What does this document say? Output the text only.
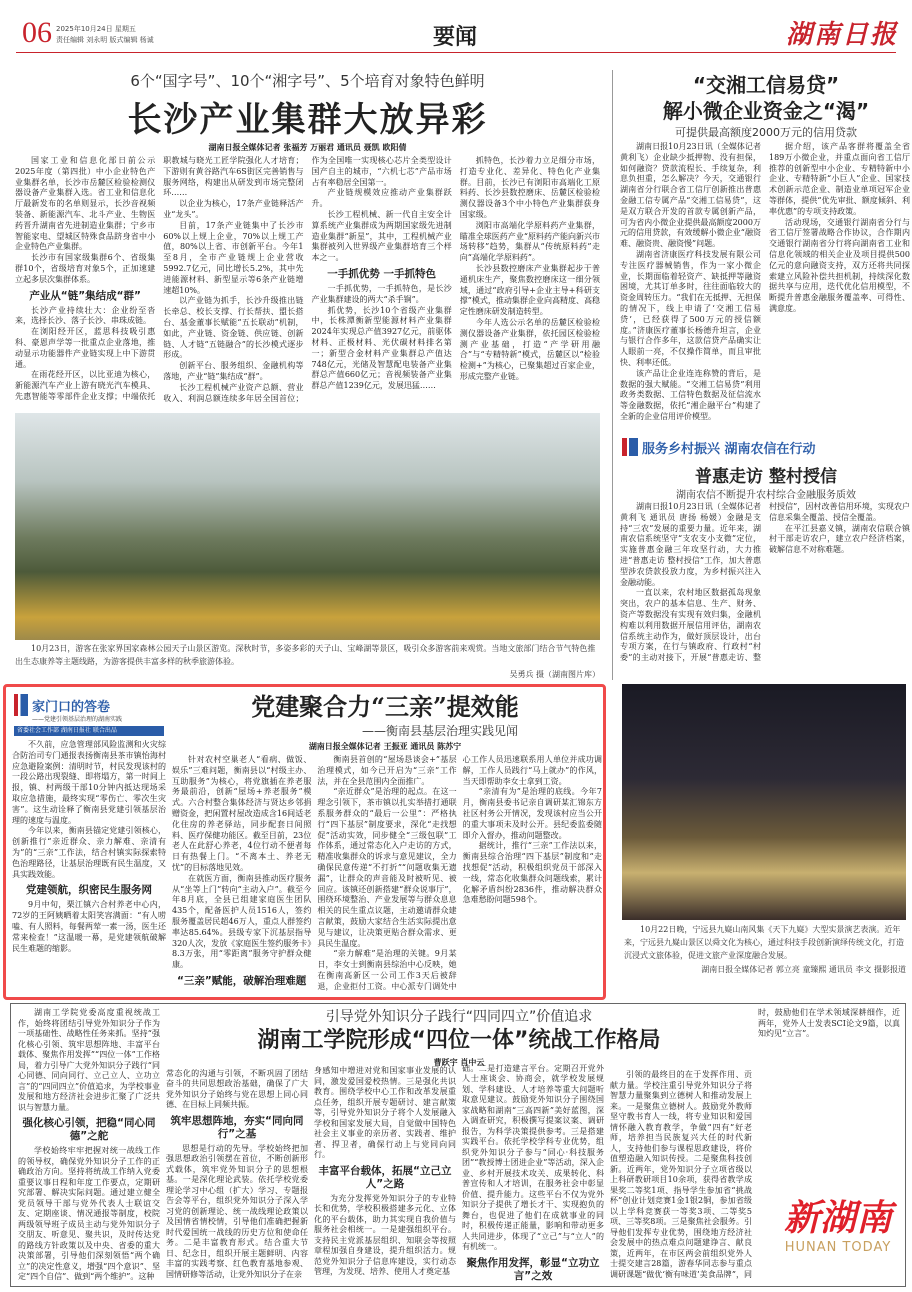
06 2025年10月24日 星期五
责任编辑 刘永明 版式编辑 杨诚	要闻	湖南日报
6个“国字号”、10个“湘字号”、5个培育对象特色鲜明
长沙产业集群大放异彩
湖南日报全媒体记者 张福芳 万丽君 通讯员 聂凯 欧阳倩

国家工业和信息化部日前公示2025年度（第四批）中小企业特色产业集群名单，长沙市岳麓区检验检测仪器设备产业集群入选。省工业和信息化厅最新发布的名单则显示，长沙音视频装备、新能源汽车、北斗产业、生物医药晋升湖南省先进制造业集群；宁乡市智能家电、望城区特殊食品跻身省中小企业特色产业集群。

长沙市有国家级集群6个、省级集群10个，省级培育对象5个，正加速建立起多层次集群体系。

产业从“链”集结成“群”

长沙产业持续壮大：企业纷至沓来，选择长沙、落子长沙、串珠成链。

在浏阳经开区，蓝思科技吸引惠科、豪恩声学等一批重点企业落地，推动显示功能器件产业链实现上中下游贯通。

在雨花经开区，以比亚迪为核心，新能源汽车产业上游有晓光汽车模具、先惠智能等零部件企业支撑；中端依托职教城与晓光工匠学院强化人才培育；下游则有黄谷路汽车6S街区完善销售与服务网络，构建出从研发到市场完整闭环……

以企业为核心，17条产业链释活产业“龙头”。

目前，17条产业链集中了长沙市60%以上规上企业，70%以上规工产值，80%以上省、市创新平台。今年1至8月，全市产业链规上企业营收5992.7亿元，同比增长5.2%，其中先进能源材料、新型显示等6条产业链增速超10%。

以产业链为抓手，长沙升级推出链长牵总、校长支撑、行长帮扶、盟长搭台、基金董事长赋能“五长联动”机制，如此，产业链、资金链、供应链、创新链、人才链“五链融合”的长沙模式逐步形成。

创新平台、服务组织、金融机构等落地，产业“链”集结成“群”。

长沙工程机械产业资产总额、营业收入、利润总额连续多年居全国首位；作为全国唯一实现核心芯片全类型设计国产自主的城市，“六机七芯”产品市场占有率稳居全国第一。

产业链规模效应推动产业集群跃升。

长沙工程机械、新一代自主安全计算系统产业集群成为两期国家级先进制造业集群“新星”，其中，工程机械产业集群被列入世界级产业集群培育三个样本之一。

一手抓优势 一手抓特色

一手抓优势，一手抓特色，是长沙产业集群建设的两大“杀手锏”。

抓优势，长沙10个省级产业集群中，长株潭衡新型能源材料产业集群2024年实现总产值3927亿元，前驱体材料、正极材料、光伏碳材料排名第一；新型合金材料产业集群总产值达748亿元，光储及智慧配电装备产业集群总产值660亿元；音视频装备产业集群总产值1239亿元，发展迅猛……

抓特色，长沙着力立足细分市场，打造专业化、差异化、特色化产业集群。目前，长沙已有浏阳市高端化工原料药、长沙县数控磨床、岳麓区检验检测仪器设备3个中小特色产业集群获身国家级。

浏阳市高端化学原料药产业集群，瞄准全球医药产业“原料药产能向新兴市场转移”趋势，集群从“传统原料药”走向“高端化学原料药”。

长沙县数控磨床产业集群起步于普通机床生产，聚焦数控磨床这一细分领域，通过“政府引导+企业主导+科研支撑”模式，推动集群企业向高精度、高稳定性磨床研发制造转型。

今年人选公示名单的岳麓区检验检测仪器设备产业集群，依托园区检验检测产业基础，打造“产学研用融合”与“专精特新”模式，岳麓区以“检验检测+”为核心，已聚集超过百家企业，形成完整产业链。

10月23日，游客在张家界国家森林公园天子山景区游览。深秋时节，多姿多彩的天子山、宝峰湖等景区，吸引众多游客前来观赏。当地文旅部门结合节气特色推出生态康养等主题线路，为游客提供丰富多样的秋季旅游体验。
吴勇兵 摄（湖南图片库）
“交湘工信易贷”
解小微企业资金之“渴”
可提供最高额度2000万元的信用贷款

湖南日报10月23日讯（全媒体记者 黄利飞）企业缺少抵押物、没有担保，如何融资？贷款流程长、手续复杂，利息负担重，怎么解决？今天，交通银行湖南省分行联合省工信厅创新推出普惠金融工信专属产品“交湘工信易贷”，这是双方联合开发的首款专属创新产品，可为省内小微企业提供最高额度2000万元的信用贷款，有效缓解小微企业“融资难、融资贵、融资慢”问题。

湖南省济康医疗科技发展有限公司专注医疗器械销售，作为一家小微企业，长期面临着轻资产、缺抵押等融资困境，尤其订单多时，往往面临较大的资金周转压力。“我们在无抵押、无担保的情况下，线上申请了‘交湘工信易贷’，已经获得了500万元的授信额度。”济康医疗董事长杨德升坦言，企业与银行合作多年，这款信贷产品确实让人眼前一亮，不仅操作简单，而且审批快、利率还低。

该产品让企业连连称赞的背后，是数据的强大赋能。“交湘工信易贷”利用政务类数据、工信特色数据及征信流水等金融数据，依托“湘企融平台”构建了全新的企业信用评价模型。

据介绍，该产品客群将覆盖全省189万小微企业，并重点面向省工信厅推荐的创新型中小企业、专精特新中小企业、专精特新“小巨人”企业、国家技术创新示范企业、制造业单项冠军企业等群体，提供“优先审批、额度倾斜、利率优惠”的专项支持政策。

活动现场，交通银行湖南省分行与省工信厅签署战略合作协议，合作期内交通银行湖南省分行将向湖南省工业和信息化领域的相关企业及项目提供500亿元的意向融资支持，双方还将共同探索建立风险补偿共担机制，持续深化数据共享与应用，迭代优化信用模型，不断提升普惠金融服务覆盖率、可得性、满意度。

服务乡村振兴 湖南农信在行动
普惠走访 整村授信
湖南农信不断提升农村综合金融服务质效

湖南日报10月23日讯（全媒体记者 黄利飞 通讯员 唐扬 杨媛）金融是支持“三农”发展的重要力量。近年来，湖南农信系统坚守“支农支小支微”定位，实施普惠金融三年攻坚行动，大力推进“普惠走访 整村授信”工作，加大普惠型涉农贷款投放力度，为乡村振兴注入金融动能。

一直以来，农村地区数据孤岛现象突出，农户的基本信息、生产、财务、资产等数据没有实现有效归集，金融机构难以利用数据开展信用评估，湖南农信系统主动作为，做好顶层设计，出台专项方案，在行与镇政府、行政村“村委”的主动对接下，开展“普惠走访、整村授信”，因村改善信用环境，实现农户信息采集全覆盖、授信全覆盖。

在平江县嘉义镇，湖南农信联合镇村干部走访农户，建立农户经济档案，破解信息不对称难题。

10月22日晚，宁远县九嶷山南风集《天下九嶷》大型实景演艺表演。近年来，宁远县九嶷山景区以舜文化为核心，通过科技手段创新演绎传统文化，打造沉浸式文旅体验，促进文旅产业深度融合发展。
湖南日报全媒体记者 郭立亮 童臻熙 通讯员 李文 摄影报道
家门口的答卷
——党建引领基层治理的湖南实践
省委社会工作部 湖南日报社 联合出品
党建聚合力“三亲”提效能
——衡南县基层治理实践见闻
湖南日报全媒体记者 王振亚 通讯员 陈苏宁

不久前，应急管理部风险监测和火灾综合防治司专门通报表扬衡南县茶市镇怡海村应急避险案例：清明时节，村民发现该村的一段公路出现裂缝、即将塌方，第一时间上报，镇、村两级干部10分钟内抵达现场采取应急措施，最终实现“零伤亡、零次生灾害”。这生动诠释了衡南县党建引领基层治理的速度与温度。

今年以来，衡南县锚定党建引领核心，创新推行“亲近群众、亲力解难、亲清有为”的“三亲”工作法，结合村镇实际探索特色治理路径，让基层治理既有民生温度，又具实践效能。

党建领航，织密民生服务网

9月中旬，栗江镇六合村养老中心内，72岁的王阿姨晒着太阳笑容满面：“有人唠嗑、有人照料，每餐两荤一素一汤，医生还常来检查！”这温暖一幕，是党建领航破解民生难题的缩影。

针对农村空巢老人“看病、做饭、娱乐”三难问题，衡南县以“村级主办、互助服务”为核心，将党旗插在养老服务最前沿，创新“屋场+养老服务”模式。六合村整合集体经济与贤达乡邻捐赠资金，把闲置村屋改造成含16间适老化住房的养老驿站，同步配套日间照料、医疗保健功能区。截至目前，23位老人在此舒心养老，4位行动不便者每日有热餐上门。“不离本土、养老无忧”的目标落地见效。

在就医方面，衡南县推动医疗服务从“坐等上门”转向“主动入户”。截至今年8月底，全县已组建家庭医生团队435个，配备医护人员1516人，签约服务覆盖居民超46万人，重点人群签约率达85.64%。县级专家下沉基层指导320人次，发放《家庭医生签约服务卡》8.3万张，用“零距离”服务守护群众健康。

“三亲”赋能，破解治理难题

衡南县首创的“屋场恳谈会+”基层治理模式，如今已开启为“三亲”工作法，并在全县范围内全面推广。

“亲近群众”是治理的起点。在这一理念引领下，茶市镇以扎实举措打通联系服务群众的“最后一公里”：严格执行“四下基层”制度要求，深化“走找想促”活动实效，同步健全“三级包联”工作体系，通过常态化入户走访的方式，精准收集群众的诉求与意见建议，全力确保民意传递“不打折”“问题收集无遗漏”，让群众的声音能及时被听见、被回应。该镇还创新搭建“群众说事厅”，围绕环境整治、产业发展等与群众息息相关的民生重点议题，主动邀请群众建言献策，鼓励大家结合生活实际提出意见与建议，让决策更贴合群众需求、更具民生温度。

“亲力解难”是治理的关键。9月某日，李女士到衡南县综治中心反映，她在衡南高新区一公司工作3天后被辞退，企业拒付工资。中心派专门调处中心工作人员迅速联系用人单位并成功调解，工作人员践行“马上就办”的作风，当天即帮助李女士拿到工资。

“亲清有为”是治理的底线。今年7月，衡南县委书记亲自调研某汇锦东方社区村务公开情况，发现该村应当公开的重大事项未及时公开。县纪委监委随即介入督办，推动问题整改。

据统计，推行“三亲”工作法以来，衡南县综合治理“四下基层”制度和“走找想促”活动，积极组织党员干部深入一线，常态化收集群众问题线索，累计化解矛盾纠纷2836件，推动解决群众急难愁盼问题598个。

引导党外知识分子践行“四同四立”价值追求
湖南工学院形成“四位一体”统战工作格局
曹跃宇 肖中云

湖南工学院党委高度重视统战工作，始终将团结引导党外知识分子作为一项基础性、战略性任务来抓。坚持“强化核心引领、筑牢思想阵地、丰富平台载体、聚焦作用发挥”“四位一体”工作格局，着力引导广大党外知识分子践行“同心同德、同向同行、立己立人、立功立言”的“四同四立”价值追求，为学校事业发展和地方经济社会进步汇聚了广泛共识与智慧力量。

强化核心引领，把稳“同心同德”之舵

学校始终牢牢把握对统一战线工作的领导权，确保党外知识分子工作的正确政治方向。坚持将统战工作纳入党委重要议事日程和年度工作要点，定期研究部署、解决实际问题。通过建立健全党员领导干部与党外代表人士联谊交友、定期座谈、情况通报等制度，校院两级领导班子成员主动与党外知识分子交朋友、听意见、聚共识，及时传达党的路线方针政策以及中央、省委的重大决策部署，引导他们深刻领悟“两个确立”的决定性意义，增强“四个意识”、坚定“四个自信”、做到“两个维护”。这种
常态化的沟通与引领，不断巩固了团结奋斗的共同思想政治基础，确保了广大党外知识分子始终与党在思想上同心同德、在目标上同频共振。

筑牢思想阵地，夯实“同向同行”之基

思想是行动的先导。学校始终把加强思想政治引领摆在首位，不断创新形式载体，筑牢党外知识分子的思想根基。一是深化理论武装。依托学校党委理论学习中心组（扩大）学习、专题报告会等平台，组织党外知识分子深入学习党的创新理论、统一战线理论政策以及国情省情校情，引导他们准确把握新时代爱国统一战线的历史方位和使命任务。二是丰富教育形式。结合重大节日、纪念日，组织开展主题鲜明、内容丰富的实践考察、红色教育基地参观、国情研修等活动，让党外知识分子在亲
身感知中增进对党和国家事业发展的认同，激发爱国爱校热情。三是强化共识教育。围绕学校中心工作和改革发展重点任务，组织开展专题研讨、建言献策等，引导党外知识分子将个人发展融入学校和国家发展大局，自觉做中国特色社会主义事业的亲历者、实践者、维护者、捍卫者，确保行动上与党同向同行。

丰富平台载体，拓展“立己立人”之路

为充分发挥党外知识分子的专业特长和优势，学校积极搭建多元化、立体化的平台载体，助力其实现自我价值与服务社会相统一。一是建强组织平台。支持民主党派基层组织、知联会等按照章程加强自身建设，提升组织活力。规范党外知识分子信息库建设，实行动态管理，为发现、培养、使用人才奠定基
础。二是打造建言平台。定期召开党外人士座谈会、协商会，就学校发展规划、学科建设、人才培养等重大问题听取意见建议。鼓励党外知识分子围绕国家战略和湖南“三高四新”美好蓝图，深入调查研究，积极撰写提案议案、调研报告，为科学决策提供参考。三是搭建实践平台。依托学校学科专业优势，组织党外知识分子参与“同心·科技服务团”“教授博士团进企业”等活动，深入企业、乡村开展技术攻关、成果转化、科普宣传和人才培训，在服务社会中彰显价值、提升能力。这些平台不仅为党外知识分子提供了增长才干、实现抱负的舞台，也促进了他们在成就事业的同时，积极传递正能量，影响和带动更多人共同进步，体现了“立己”与“立人”的有机统一。

聚焦作用发挥，彰显“立功立言”之效

引领的最终目的在于发挥作用、贡献力量。学校注重引导党外知识分子将智慧力量聚集到立德树人和推动发展上来。一是聚焦立德树人。鼓励党外教师坚守教书育人一线，将专业知识和爱国情怀融入教育教学，争做“四有”好老师，培养担当民族复兴大任的时代新人，支持他们参与课程思政建设，将价值塑造融入知识传授。二是聚焦科技创新。近两年，党外知识分子立项省级以上科研教研项目10余项，获得省教学成果奖二等奖1项、指导学生参加省“挑战杯”创业计划竞赛1金1银2铜，参加省级以上学科竞赛获一等奖3项、二等奖5项、三等奖8项。三是聚焦社会服务。引导他们发挥专业优势，围绕地方经济社会发展中的热点难点问题建诤言、献良策，近两年，在市区两会前组织党外人士提交建言28篇，游春华同志参与重点调研课题“做优‘衡有味道’美食品牌”，同时，鼓励他们在学术领域深耕细作，近两年，党外人士发表SCI论文9篇，以真知灼见“立言”。

新湖南
HUNAN TODAY
